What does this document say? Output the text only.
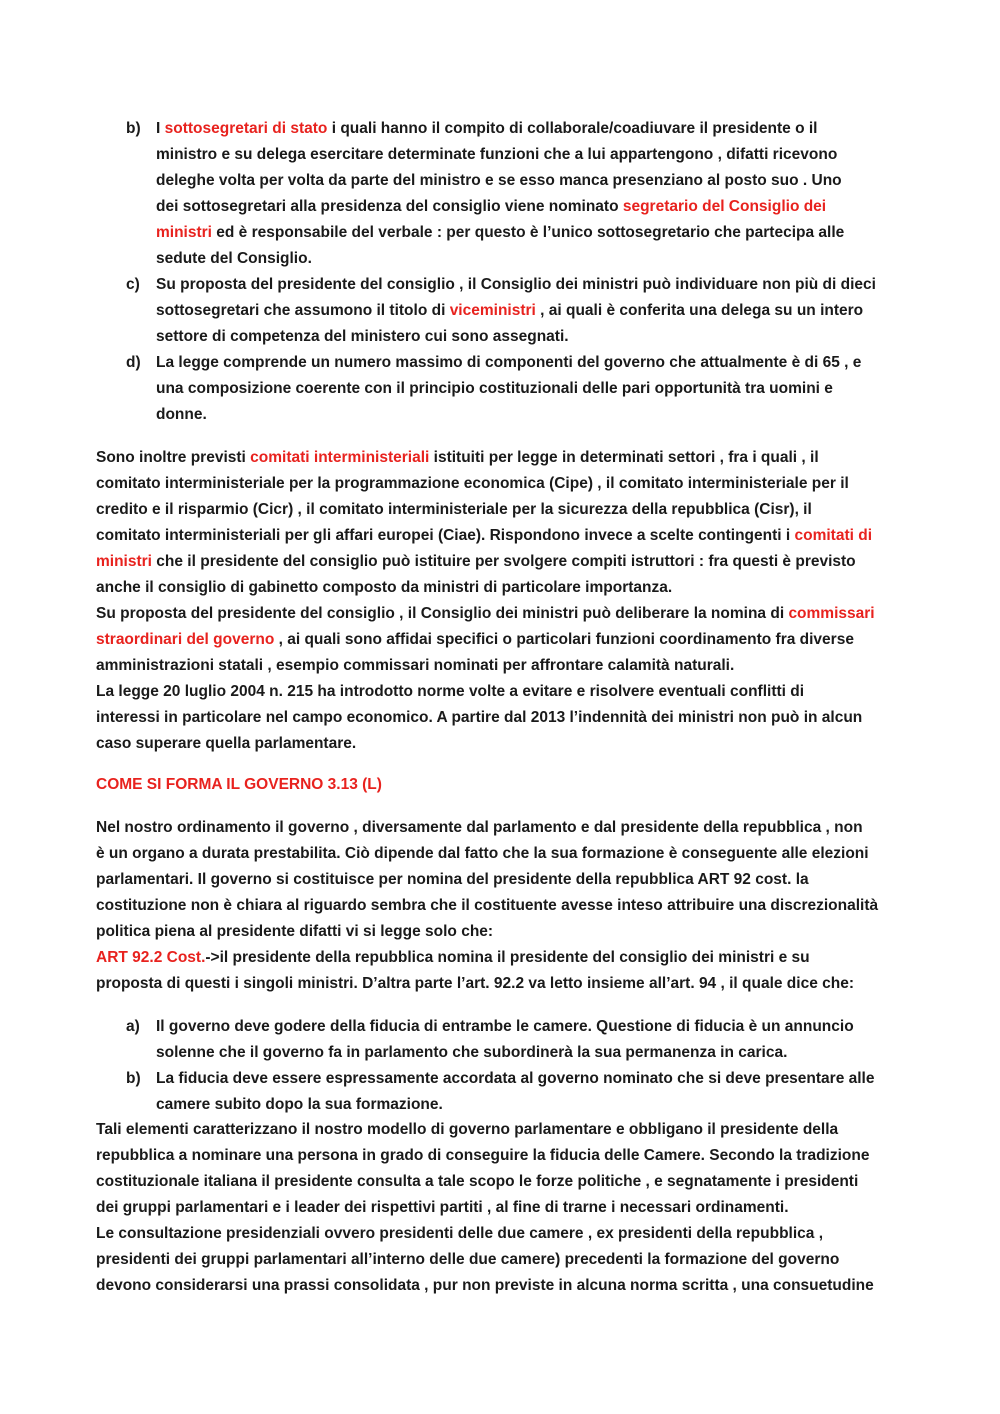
b) I sottosegretari di stato i quali hanno il compito di collaborale/coadiuvare il presidente o il
ministro e su delega esercitare determinate funzioni che a lui appartengono , difatti ricevono
deleghe volta per volta da parte del ministro e se esso manca presenziano al posto suo . Uno
dei sottosegretari alla presidenza del consiglio viene nominato segretario del Consiglio dei
ministri ed è responsabile del verbale : per questo è l’unico sottosegretario che partecipa alle
sedute del Consiglio.
c) Su proposta del presidente del consiglio , il Consiglio dei ministri può individuare non più di dieci
sottosegretari che assumono il titolo di viceministri , ai quali è conferita una delega su un intero
settore di competenza del ministero cui sono assegnati.
d) La legge comprende un numero massimo di componenti del governo che attualmente è di 65 , e
una composizione coerente con il principio costituzionali delle pari opportunità tra uomini e
donne.
Sono inoltre previsti comitati interministeriali istituiti per legge in determinati settori , fra i quali , il
comitato interministeriale per la programmazione economica (Cipe) , il comitato interministeriale per il
credito e il risparmio (Cicr) , il comitato interministeriale per la sicurezza della repubblica (Cisr), il
comitato interministeriali per gli affari europei (Ciae). Rispondono invece a scelte contingenti i comitati di
ministri che il presidente del consiglio può istituire per svolgere compiti istruttori : fra questi è previsto
anche il consiglio di gabinetto composto da ministri di particolare importanza.
Su proposta del presidente del consiglio , il Consiglio dei ministri può deliberare la nomina di commissari
straordinari del governo , ai quali sono affidai specifici o particolari funzioni coordinamento fra diverse
amministrazioni statali , esempio commissari nominati per affrontare calamità naturali.
La legge 20 luglio 2004 n. 215 ha introdotto norme volte a evitare e risolvere eventuali conflitti di
interessi in particolare nel campo economico. A partire dal 2013 l’indennità dei ministri non può in alcun
caso superare quella parlamentare.
COME SI FORMA IL GOVERNO 3.13 (L)
Nel nostro ordinamento il governo , diversamente dal parlamento e dal presidente della repubblica , non
è un organo a durata prestabilita. Ciò dipende dal fatto che la sua formazione è conseguente alle elezioni
parlamentari. Il governo si costituisce per nomina del presidente della repubblica ART 92 cost. la
costituzione non è chiara al riguardo sembra che il costituente avesse inteso attribuire una discrezionalità
politica piena al presidente difatti vi si legge solo che:
ART 92.2 Cost.->il presidente della repubblica nomina il presidente del consiglio dei ministri e su
proposta di questi i singoli ministri. D’altra parte l’art. 92.2 va letto insieme all’art. 94 , il quale dice che:
a) Il governo deve godere della fiducia di entrambe le camere. Questione di fiducia è un annuncio
solenne che il governo fa in parlamento che subordinerà la sua permanenza in carica.
b) La fiducia deve essere espressamente accordata al governo nominato che si deve presentare alle
camere subito dopo la sua formazione.
Tali elementi caratterizzano il nostro modello di governo parlamentare e obbligano il presidente della
repubblica a nominare una persona in grado di conseguire la fiducia delle Camere. Secondo la tradizione
costituzionale italiana il presidente consulta a tale scopo le forze politiche , e segnatamente i presidenti
dei gruppi parlamentari e i leader dei rispettivi partiti , al fine di trarne i necessari ordinamenti.
Le consultazione presidenziali ovvero presidenti delle due camere , ex presidenti della repubblica ,
presidenti dei gruppi parlamentari all’interno delle due camere) precedenti la formazione del governo
devono considerarsi una prassi consolidata , pur non previste in alcuna norma scritta , una consuetudine
